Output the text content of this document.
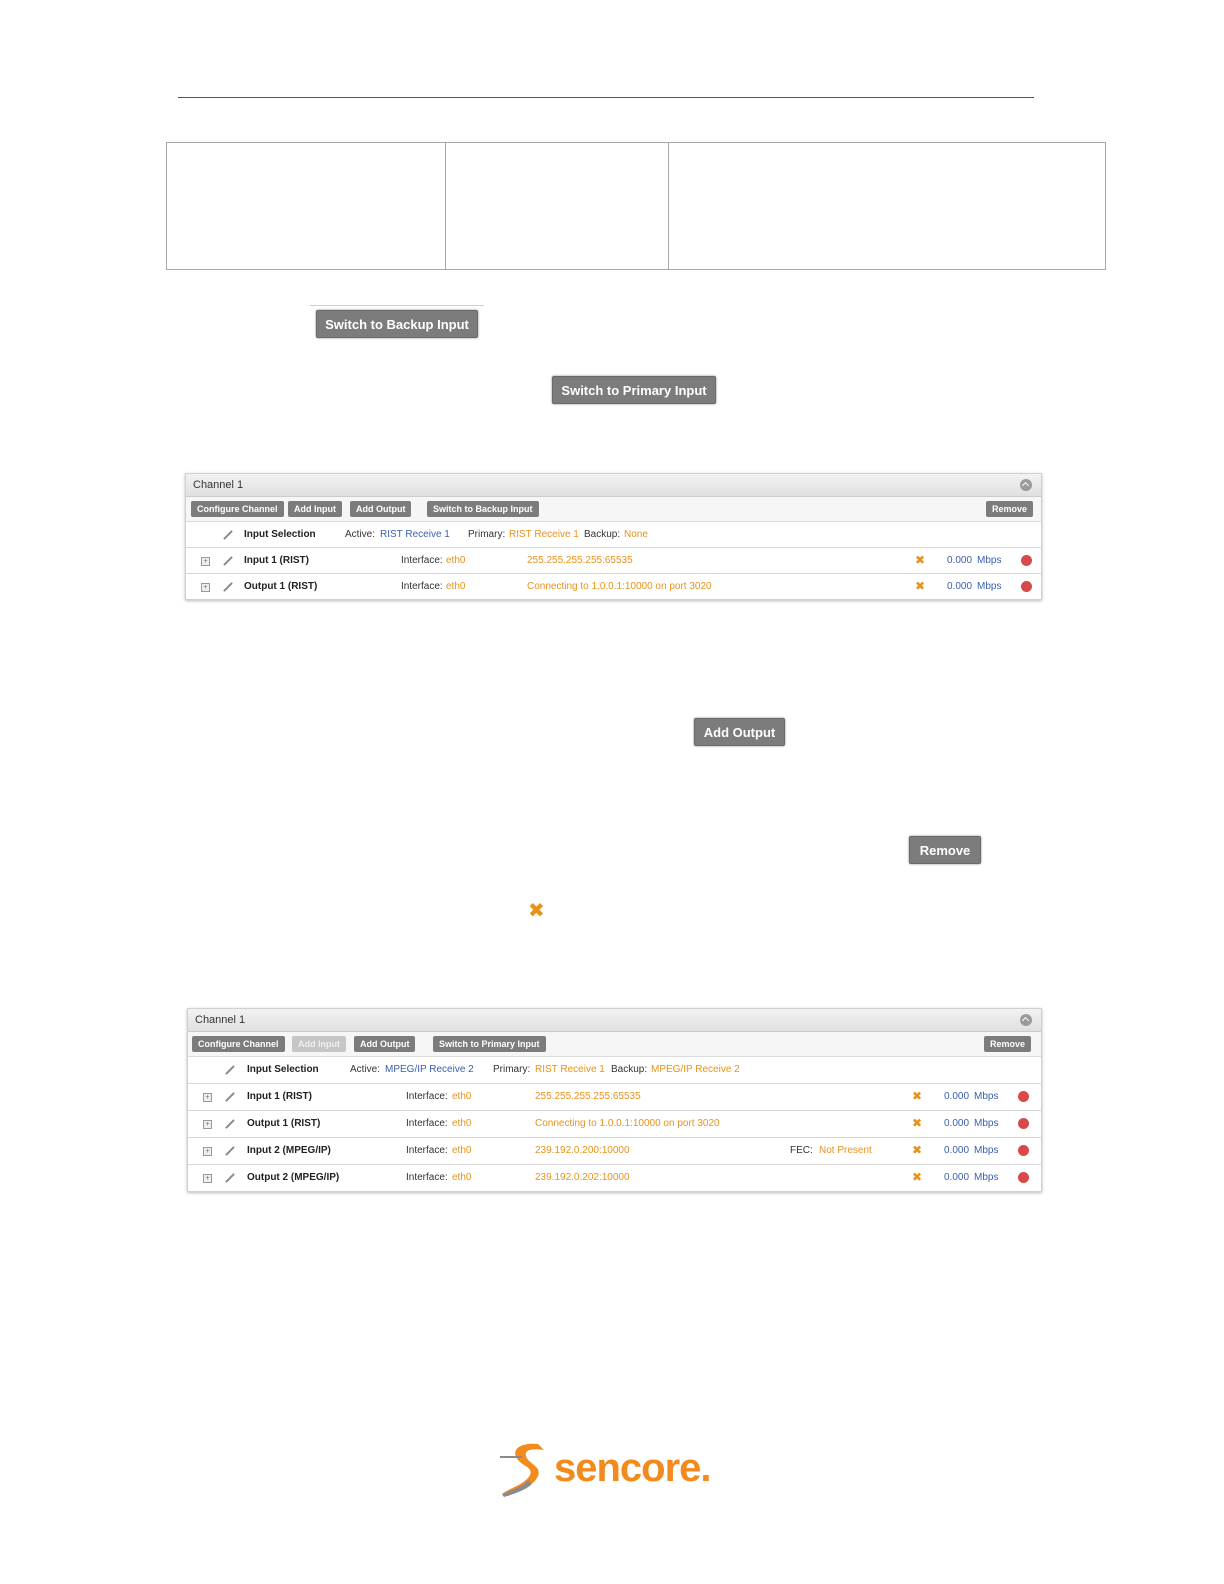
Switch to Backup Input
Switch to Primary Input
Add Output
Remove
✖
Channel 1
Configure Channel	Add Input	Add Output	Switch to Backup Input	Remove
Input Selection	Active: RIST Receive 1 Primary: RIST Receive 1 Backup: None
+	Input 1 (RIST)	Interface: eth0	255.255.255.255:65535	✖ 0.000 Mbps
+	Output 1 (RIST)	Interface: eth0	Connecting to 1.0.0.1:10000 on port 3020	✖ 0.000 Mbps
Channel 1
Configure Channel	Add Input	Add Output	Switch to Primary Input	Remove
Input Selection	Active: MPEG/IP Receive 2 Primary: RIST Receive 1 Backup: MPEG/IP Receive 2
+	Input 1 (RIST)	Interface: eth0	255.255.255.255:65535	✖ 0.000 Mbps
+	Output 1 (RIST)	Interface: eth0	Connecting to 1.0.0.1:10000 on port 3020	✖ 0.000 Mbps
+	Input 2 (MPEG/IP)	Interface: eth0	239.192.0.200:10000	FEC: Not Present	✖ 0.000 Mbps
+	Output 2 (MPEG/IP)	Interface: eth0	239.192.0.202:10000	✖ 0.000 Mbps
sencore.
